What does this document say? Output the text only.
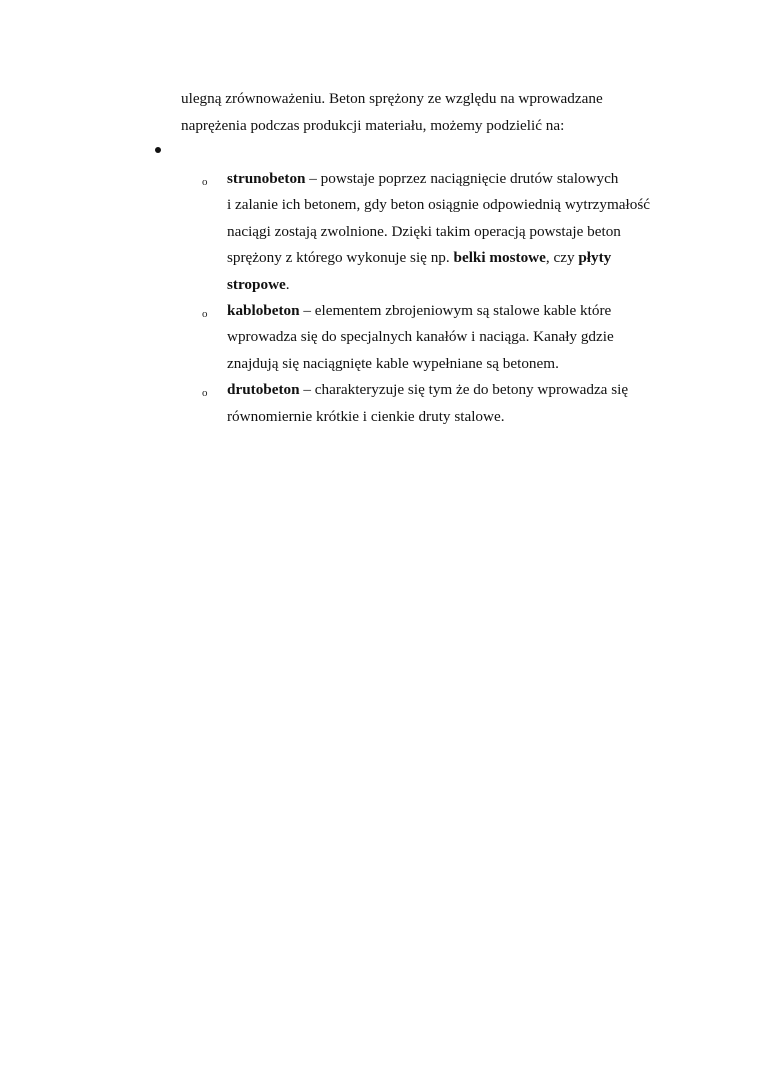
ulegną zrównoważeniu. Beton sprężony ze względu na wprowadzane
naprężenia podczas produkcji materiału, możemy podzielić na:
o strunobeton – powstaje poprzez naciągnięcie drutów stalowych
i zalanie ich betonem, gdy beton osiągnie odpowiednią wytrzymałość
naciągi zostają zwolnione. Dzięki takim operacją powstaje beton
sprężony z którego wykonuje się np. belki mostowe, czy płyty
stropowe.
o kablobeton – elementem zbrojeniowym są stalowe kable które
wprowadza się do specjalnych kanałów i naciąga. Kanały gdzie
znajdują się naciągnięte kable wypełniane są betonem.
o drutobeton – charakteryzuje się tym że do betony wprowadza się
równomiernie krótkie i cienkie druty stalowe.
